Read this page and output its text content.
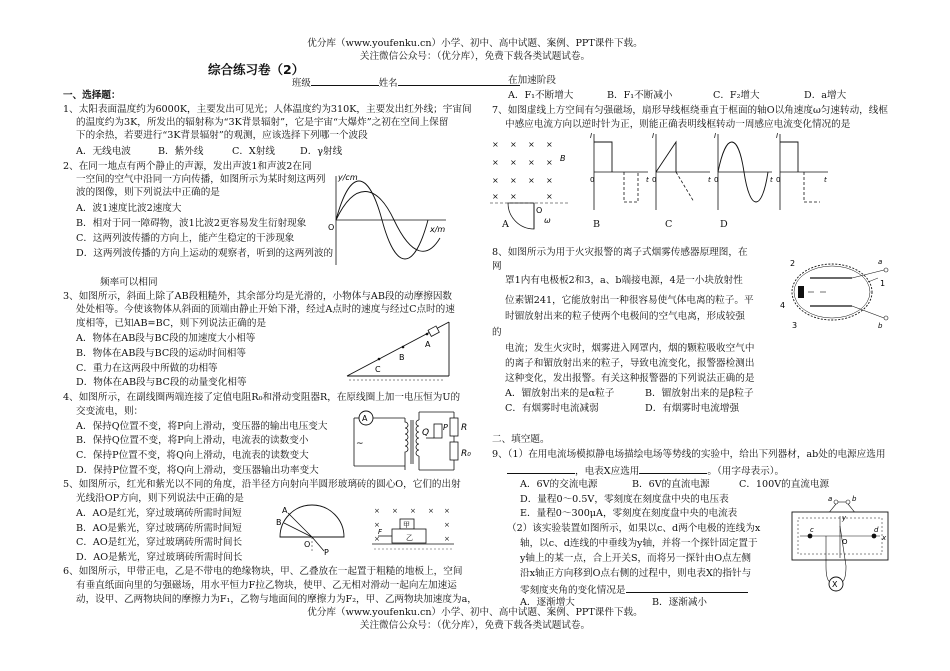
优分库（www.youfenku.cn）小学、初中、高中试题、案例、PPT课件下载。
关注微信公众号：（优分库），免费下载各类试题试卷。
综合练习卷（2）
班级	姓名
一、选择题：
1、太阳表面温度约为6000K，主要发出可见光；人体温度约为310K，主要发出红外线；宇宙间
的温度约为3K，所发出的辐射称为“3K背景辐射”，它是宇宙“大爆炸”之初在空间上保留
下的余热，若要进行“3K背景辐射”的观测，应该选择下列哪一个波段
A．无线电波	B．紫外线	C．X射线	D．γ射线
2、在同一地点有两个静止的声源，发出声波1和声波2在同
一空间的空气中沿同一方向传播，如图所示为某时刻这两列
波的图像，则下列说法中正确的是
A．波1速度比波2速度大
B．相对于同一障碍物，波1比波2更容易发生衍射现象
C．这两列波传播的方向上，能产生稳定的干涉现象
D．这两列波传播的方向上运动的观察者，听到的这两列波的
频率可以相同
y/cm
x/m
O
3、如图所示，斜面上除了AB段粗糙外，其余部分均是光滑的，小物体与AB段的动摩擦因数
处处相等。今使该物体从斜面的顶端由静止开始下滑，经过A点时的速度与经过C点时的速
度相等，已知AB=BC，则下列说法正确的是
A．物体在AB段与BC段的加速度大小相等
B．物体在AB段与BC段的运动时间相等
C．重力在这两段中所做的功相等
D．物体在AB段与BC段的动量变化相等
A
B
C
4、如图所示，在副线圈两端连接了定值电阻R₀和滑动变阻器R，在原线圈上加一电压恒为U的
交变流电，则：
A．保持Q位置不变，将P向上滑动，变压器的输出电压变大
B．保持Q位置不变，将P向上滑动，电流表的读数变小
C．保持P位置不变，将Q向上滑动，电流表的读数变大
D．保持P位置不变，将Q向上滑动，变压器输出功率变大
A
~
Q
P R
R₀
5、如图所示，红光和紫光以不同的角度，沿半径方向射向半圆形玻璃砖的圆心O，它们的出射
光线沿OP方向，则下列说法中正确的是
A．AO是红光，穿过玻璃砖所需时间短
B．AO是紫光，穿过玻璃砖所需时间短
C．AO是红光，穿过玻璃砖所需时间长
D．AO是紫光，穿过玻璃砖所需时间长
A
B
O
P
× × × × ×
×	×
×	×
甲
乙
F
6、如图所示，甲带正电，乙是不带电的绝缘物块，甲、乙叠放在一起置于粗糙的地板上，空间
有垂直纸面向里的匀强磁场，用水平恒力F拉乙物块，使甲、乙无相对滑动一起向左加速运
动，设甲、乙两物块间的摩擦力为F₁，乙物与地面间的摩擦力为F₂，甲、乙两物块加速度为a，
在加速阶段
A．F₁不断增大	B．F₁不断减小	C．F₂增大	D．a增大
7、如图虚线上方空间有匀强磁场，扇形导线框绕垂直于框面的轴O以角速度ω匀速转动，线框
中感应电流方向以逆时针为正，则能正确表明线框转动一周感应电流变化情况的是
× × × ×
× × × ×
× × × ×
× ×	×
B
O
ω
I
t
0
I
t
0
I
t
0
I
t
0
A	B	C	D
8、如图所示为用于火灾报警的离子式烟雾传感器原理图，在
网
罩1内有电极板2和3，a、b端接电源，4是一小块放射性
位素镅241，它能放射出一种很容易使气体电离的粒子。平
时镅放射出来的粒子使两个电极间的空气电离，形成较强
的
电流；发生火灾时，烟雾进入网罩内，烟的颗粒吸收空气中
的离子和镅放射出来的粒子，导致电流变化，报警器检测出
这种变化，发出报警。有关这种报警器的下列说法正确的是
A．镅放射出来的是α粒子	B．镅放射出来的是β粒子
C．有烟雾时电流减弱	D．有烟雾时电流增强
2
1
4
3
a
b
二、填空题。
9、（1）在用电流场模拟静电场描绘电场等势线的实验中，给出下列器材，ab处的电源应选用
，电表X应选用	。（用字母表示）。
A．6V的交流电源	B．6V的直流电源	C．100V的直流电源
D．量程0～0.5V，零刻度在刻度盘中央的电压表
E．量程0～300μA，零刻度在刻度盘中央的电流表
（2）该实验装置如图所示，如果以c、d两个电极的连线为x
轴，以c、d连线的中垂线为y轴，并将一个探针固定置于
y轴上的某一点，合上开关S，而将另一探针由O点左侧
沿x轴正方向移到O点右侧的过程中，则电表X的指针与
零刻度夹角的变化情况是
A．逐渐增大	B．逐渐减小
a	b
c	d
y
x
O
X
优分库（www.youfenku.cn）小学、初中、高中试题、案例、PPT课件下载。
关注微信公众号：（优分库），免费下载各类试题试卷。
